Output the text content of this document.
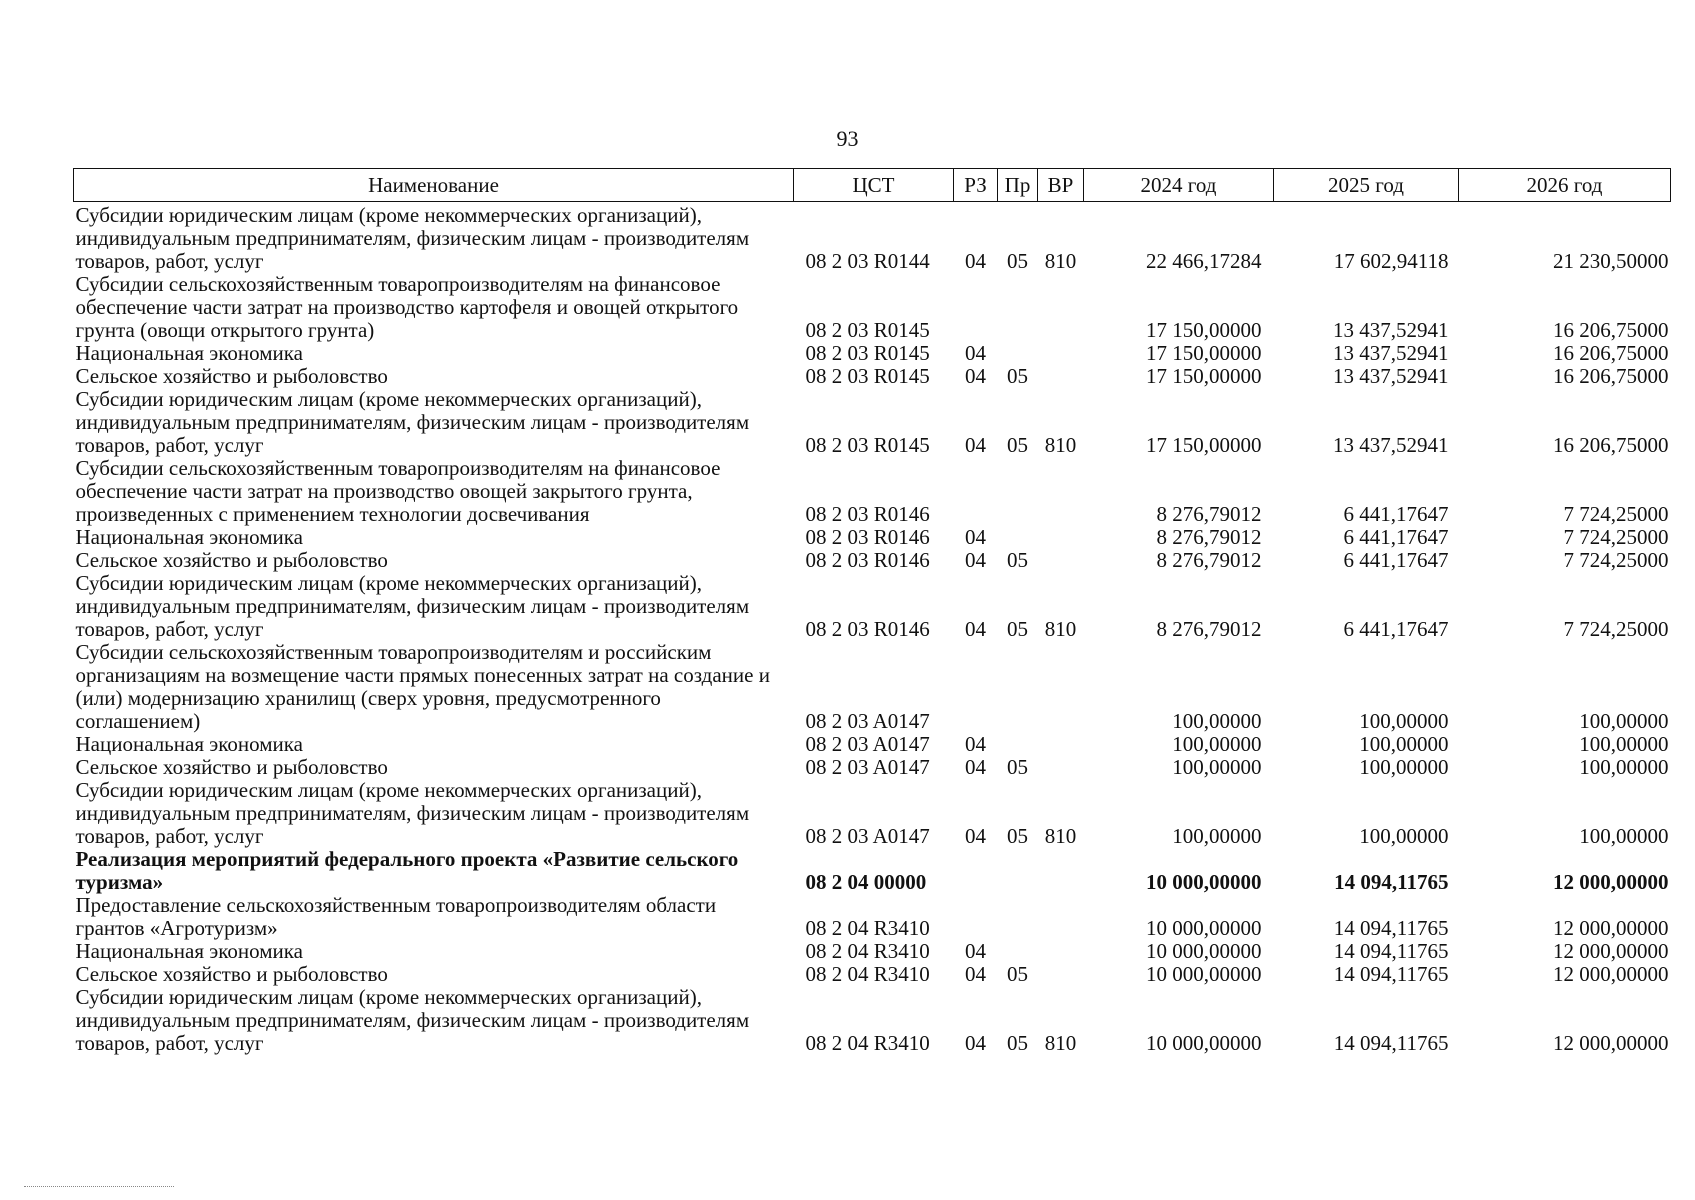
93
Наименование	ЦСТ	РЗ	Пр	ВР	2024 год	2025 год	2026 год
Субсидии юридическим лицам (кроме некоммерческих организаций), индивидуальным предпринимателям, физическим лицам - производителям товаров, работ, услуг	08 2 03 R0144	04	05	810	22 466,17284	17 602,94118	21 230,50000
Субсидии сельскохозяйственным товаропроизводителям на финансовое обеспечение части затрат на производство картофеля и овощей открытого грунта (овощи открытого грунта)	08 2 03 R0145				17 150,00000	13 437,52941	16 206,75000
Национальная экономика	08 2 03 R0145	04			17 150,00000	13 437,52941	16 206,75000
Сельское хозяйство и рыболовство	08 2 03 R0145	04	05		17 150,00000	13 437,52941	16 206,75000
Субсидии юридическим лицам (кроме некоммерческих организаций), индивидуальным предпринимателям, физическим лицам - производителям товаров, работ, услуг	08 2 03 R0145	04	05	810	17 150,00000	13 437,52941	16 206,75000
Субсидии сельскохозяйственным товаропроизводителям на финансовое обеспечение части затрат на производство овощей закрытого грунта, произведенных с применением технологии досвечивания	08 2 03 R0146				8 276,79012	6 441,17647	7 724,25000
Национальная экономика	08 2 03 R0146	04			8 276,79012	6 441,17647	7 724,25000
Сельское хозяйство и рыболовство	08 2 03 R0146	04	05		8 276,79012	6 441,17647	7 724,25000
Субсидии юридическим лицам (кроме некоммерческих организаций), индивидуальным предпринимателям, физическим лицам - производителям товаров, работ, услуг	08 2 03 R0146	04	05	810	8 276,79012	6 441,17647	7 724,25000
Субсидии сельскохозяйственным товаропроизводителям и российским организациям на возмещение части прямых понесенных затрат на создание и (или) модернизацию хранилищ (сверх уровня, предусмотренного соглашением)	08 2 03 A0147				100,00000	100,00000	100,00000
Национальная экономика	08 2 03 A0147	04			100,00000	100,00000	100,00000
Сельское хозяйство и рыболовство	08 2 03 A0147	04	05		100,00000	100,00000	100,00000
Субсидии юридическим лицам (кроме некоммерческих организаций), индивидуальным предпринимателям, физическим лицам - производителям товаров, работ, услуг	08 2 03 A0147	04	05	810	100,00000	100,00000	100,00000
Реализация мероприятий федерального проекта «Развитие сельского туризма»	08 2 04 00000				10 000,00000	14 094,11765	12 000,00000
Предоставление сельскохозяйственным товаропроизводителям области грантов «Агротуризм»	08 2 04 R3410				10 000,00000	14 094,11765	12 000,00000
Национальная экономика	08 2 04 R3410	04			10 000,00000	14 094,11765	12 000,00000
Сельское хозяйство и рыболовство	08 2 04 R3410	04	05		10 000,00000	14 094,11765	12 000,00000
Субсидии юридическим лицам (кроме некоммерческих организаций), индивидуальным предпринимателям, физическим лицам - производителям товаров, работ, услуг	08 2 04 R3410	04	05	810	10 000,00000	14 094,11765	12 000,00000
